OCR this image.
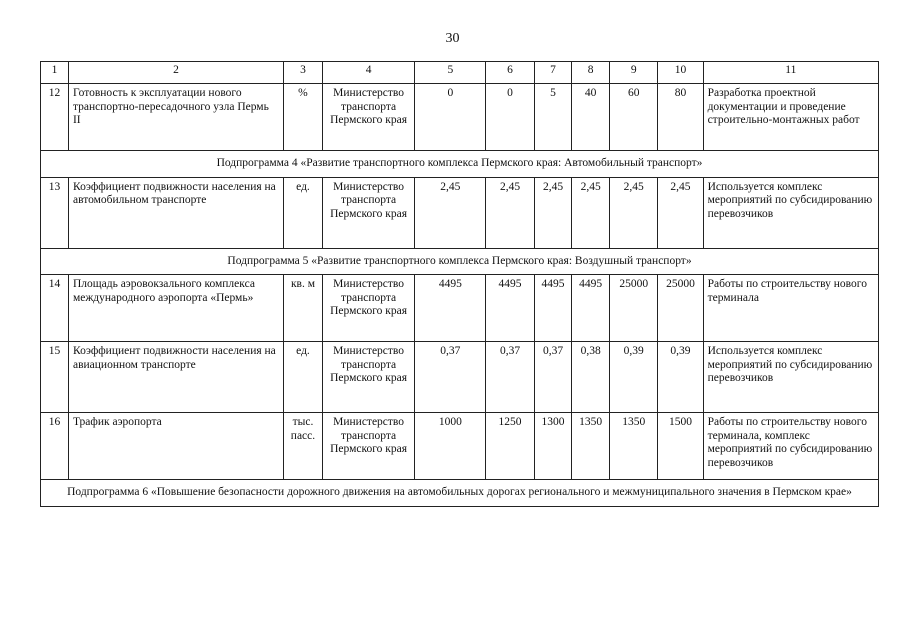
30
1	2	3	4	5	6	7	8	9	10	11
12	Готовность к эксплуатации нового транспортно-пересадочного узла Пермь II	%	Министерство транспорта Пермского края	0	0	5	40	60	80	Разработка проектной документации и проведение строительно-монтажных работ
Подпрограмма 4 «Развитие транспортного комплекса Пермского края: Автомобильный транспорт»										
13	Коэффициент подвижности населения на автомобильном транспорте	ед.	Министерство транспорта Пермского края	2,45	2,45	2,45	2,45	2,45	2,45	Используется комплекс мероприятий по субсидированию перевозчиков
Подпрограмма 5 «Развитие транспортного комплекса Пермского края: Воздушный транспорт»										
14	Площадь аэровокзального комплекса международного аэропорта «Пермь»	кв. м	Министерство транспорта Пермского края	4495	4495	4495	4495	25000	25000	Работы по строительству нового терминала
15	Коэффициент подвижности населения на авиационном транспорте	ед.	Министерство транспорта Пермского края	0,37	0,37	0,37	0,38	0,39	0,39	Используется комплекс мероприятий по субсидированию перевозчиков
16	Трафик аэропорта	тыс. пасс.	Министерство транспорта Пермского края	1000	1250	1300	1350	1350	1500	Работы по строительству нового терминала, комплекс мероприятий по субсидированию перевозчиков
Подпрограмма 6 «Повышение безопасности дорожного движения на автомобильных дорогах регионального и межмуниципального значения в Пермском крае»										
